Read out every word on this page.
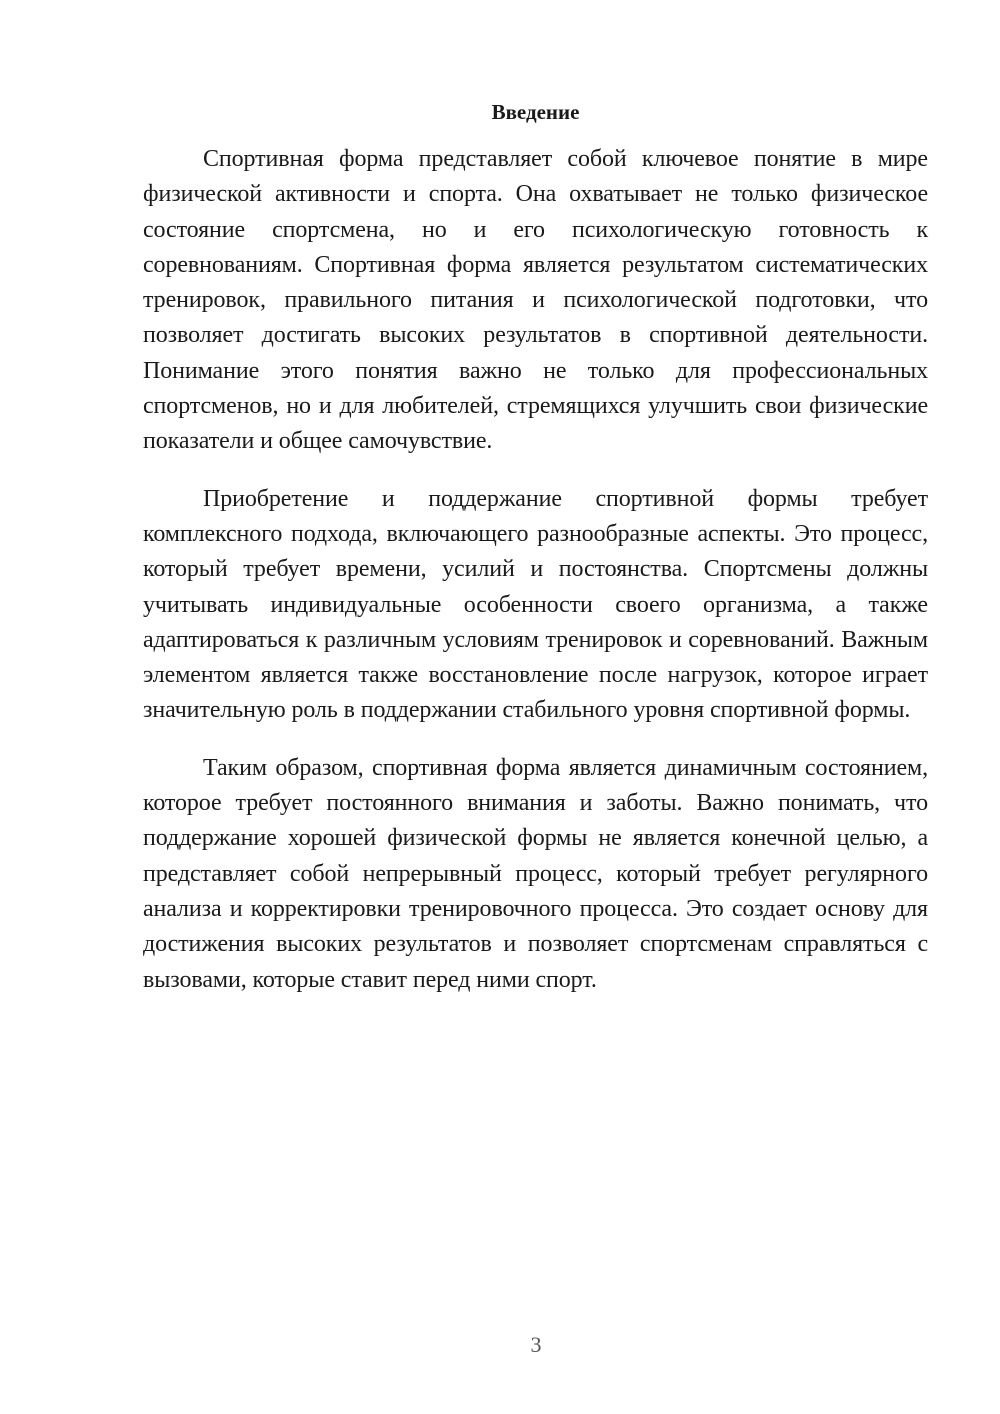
Введение

Спортивная форма представляет собой ключевое понятие в мире физической активности и спорта. Она охватывает не только физическое состояние спортсмена, но и его психологическую готовность к соревнованиям. Спортивная форма является результатом систематических тренировок, правильного питания и психологической подготовки, что позволяет достигать высоких результатов в спортивной деятельности. Понимание этого понятия важно не только для профессиональных спортсменов, но и для любителей, стремящихся улучшить свои физические показатели и общее самочувствие.

Приобретение и поддержание спортивной формы требует комплексного подхода, включающего разнообразные аспекты. Это процесс, который требует времени, усилий и постоянства. Спортсмены должны учитывать индивидуальные особенности своего организма, а также адаптироваться к различным условиям тренировок и соревнований. Важным элементом является также восстановление после нагрузок, которое играет значительную роль в поддержании стабильного уровня спортивной формы.

Таким образом, спортивная форма является динамичным состоянием, которое требует постоянного внимания и заботы. Важно понимать, что поддержание хорошей физической формы не является конечной целью, а представляет собой непрерывный процесс, который требует регулярного анализа и корректировки тренировочного процесса. Это создает основу для достижения высоких результатов и позволяет спортсменам справляться с вызовами, которые ставит перед ними спорт.

3
